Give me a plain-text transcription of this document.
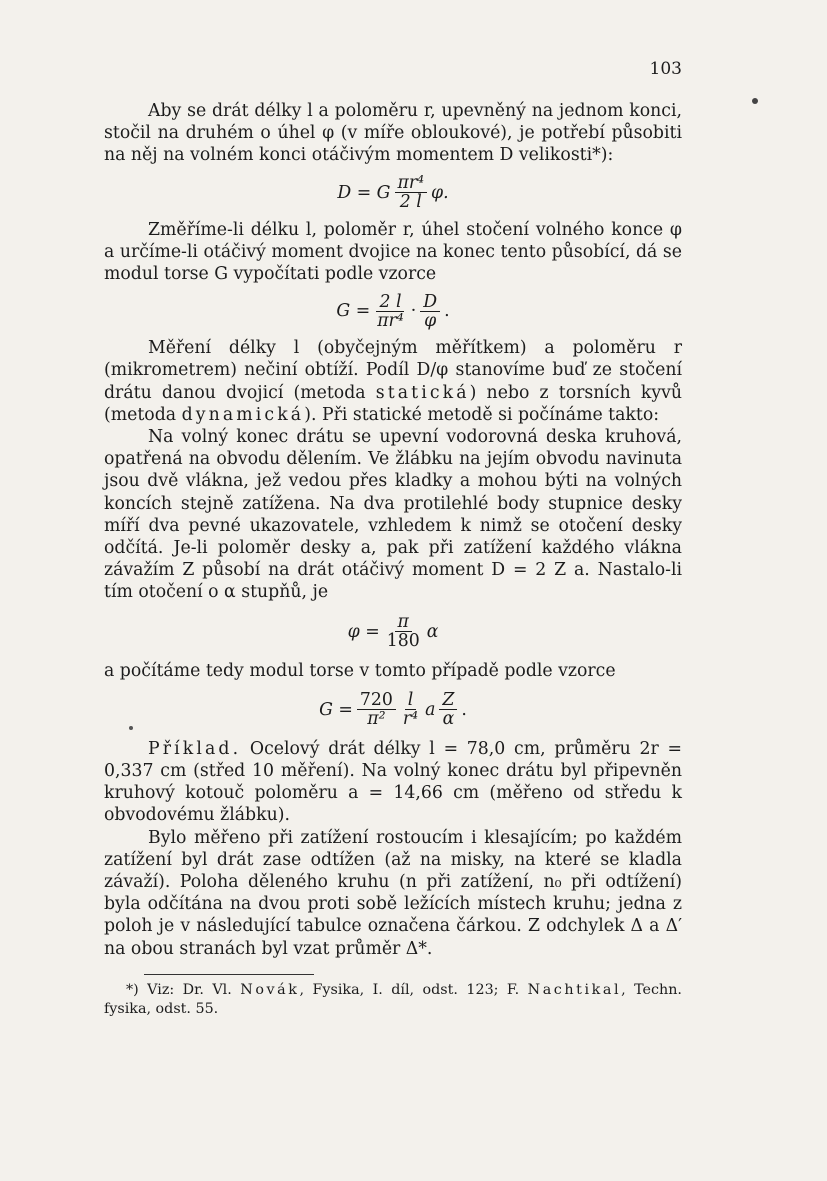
103

Aby se drát délky l a poloměru r, upevněný na jednom konci, stočil na druhém o úhel φ (v míře obloukové), je potřebí působiti na něj na volném konci otáčivým momentem D velikosti*):

D = G $\frac{\text{πr⁴}}{2 l} \varphi$.

Změříme-li délku l, poloměr r, úhel stočení volného konce φ a určíme-li otáčivý moment dvojice na konec tento působící, dá se modul torse G vypočítati podle vzorce

$G = \frac{2 l}{\text{πr⁴}} \cdot \frac{D}{\varphi}$ .

Měření délky l (obyčejným měřítkem) a poloměru r (mikrometrem) nečiní obtíží. Podíl D/φ stanovíme buď ze stočení drátu danou dvojicí (metoda statická) nebo z torsních kyvů (metoda dynamická). Při statické metodě si počínáme takto:

Na volný konec drátu se upevní vodorovná deska kruhová, opatřená na obvodu dělením. Ve žlábku na jejím obvodu navinuta jsou dvě vlákna, jež vedou přes kladky a mohou býti na volných koncích stejně zatížena. Na dva protilehlé body stupnice desky míří dva pevné ukazovatele, vzhledem k nimž se otočení desky odčítá. Je-li poloměr desky a, pak při zatížení každého vlákna závažím Z působí na drát otáčivý moment D = 2 Z a. Nastalo-li tím otočení o α stupňů, je

$\varphi = \frac{\pi}{180}$ α

a počítáme tedy modul torse v tomto případě podle vzorce

$G = \frac{720}{\text{π²}} \frac{l}{\text{r⁴}}$ a $\frac{Z}{\alpha}$ .

Příklad. Ocelový drát délky l = 78,0 cm, průměru 2r = 0,337 cm (střed 10 měření). Na volný konec drátu byl připevněn kruhový kotouč poloměru a = 14,66 cm (měřeno od středu k obvodovému žlábku).

Bylo měřeno při zatížení rostoucím i klesajícím; po každém zatížení byl drát zase odtížen (až na misky, na které se kladla závaží). Poloha děleného kruhu (n při zatížení, n₀ při odtížení) byla odčítána na dvou proti sobě ležících místech kruhu; jedna z poloh je v následující tabulce označena čárkou. Z odchylek Δ a Δ′ na obou stranách byl vzat průměr Δ*.

*) Viz: Dr. Vl. Novák, Fysika, I. díl, odst. 123; F. Nachtikal, Techn. fysika, odst. 55.
